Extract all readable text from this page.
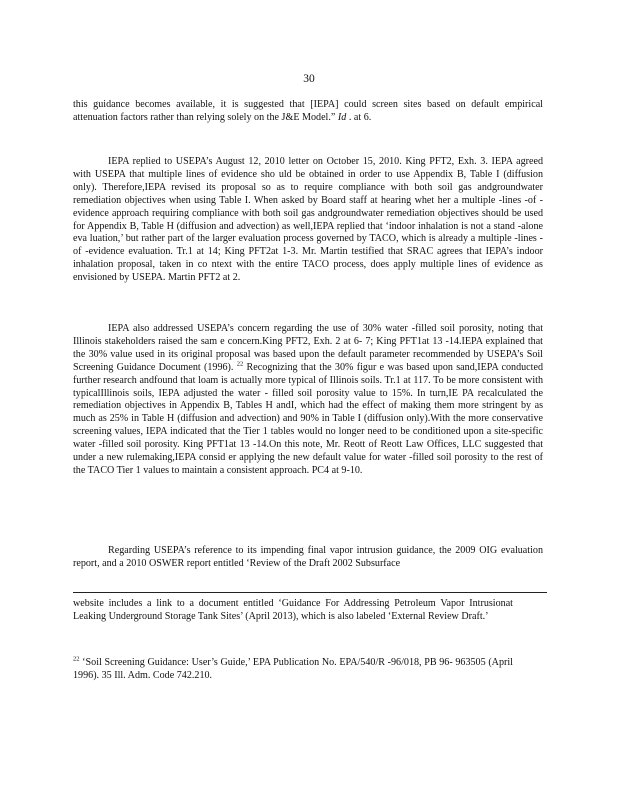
30

this guidance becomes available, it is suggested that [IEPA] could screen sites based on default empirical attenuation factors rather than relying solely on the J&E Model.” Id . at 6.

IEPA replied to USEPA’s August 12, 2010 letter on October 15, 2010. King PFT2, Exh. 3. IEPA agreed with USEPA that multiple lines of evidence sho uld be obtained in order to use Appendix B, Table I (diffusion only). Therefore,IEPA revised its proposal so as to require compliance with both soil gas andgroundwater remediation objectives when using Table I. When asked by Board staff at hearing whet her a multiple -lines -of -evidence approach requiring compliance with both soil gas andgroundwater remediation objectives should be used for Appendix B, Table H (diffusion and advection) as well,IEPA replied that ‘indoor inhalation is not a stand -alone eva luation,’ but rather part of the larger evaluation process governed by TACO, which is already a multiple -lines -of -evidence evaluation. Tr.1 at 14; King PFT2at 1-3. Mr. Martin testified that SRAC agrees that IEPA’s indoor inhalation proposal, taken in co ntext with the entire TACO process, does apply multiple lines of evidence as envisioned by USEPA. Martin PFT2 at 2.

IEPA also addressed USEPA’s concern regarding the use of 30% water -filled soil porosity, noting that Illinois stakeholders raised the sam e concern.King PFT2, Exh. 2 at 6- 7; King PFT1at 13 -14.IEPA explained that the 30% value used in its original proposal was based upon the default parameter recommended by USEPA’s Soil Screening Guidance Document (1996). $^{22}$ Recognizing that the 30% figur e was based upon sand,IEPA conducted further research andfound that loam is actually more typical of Illinois soils. Tr.1 at 117. To be more consistent with typicalIllinois soils, IEPA adjusted the water - filled soil porosity value to 15%. In turn,IE PA recalculated the remediation objectives in Appendix B, Tables H andI, which had the effect of making them more stringent by as much as 25% in Table H (diffusion and advection) and 90% in Table I (diffusion only).With the more conservative screening values, IEPA indicated that the Tier 1 tables would no longer need to be conditioned upon a site-specific water -filled soil porosity. King PFT1at 13 -14.On this note, Mr. Reott of Reott Law Offices, LLC suggested that under a new rulemaking,IEPA consid er applying the new default value for water -filled soil porosity to the rest of the TACO Tier 1 values to maintain a consistent approach. PC4 at 9-10.

Regarding USEPA’s reference to its impending final vapor intrusion guidance, the 2009 OIG evaluation report, and a 2010 OSWER report entitled ‘Review of the Draft 2002 Subsurface

website includes a link to a document entitled ‘Guidance For Addressing Petroleum Vapor Intrusionat Leaking Underground Storage Tank Sites’ (April 2013), which is also labeled ‘External Review Draft.’

$^{22}$ ‘Soil Screening Guidance: User’s Guide,’ EPA Publication No. EPA/540/R -96/018, PB 96- 963505 (April 1996). 35 Ill. Adm. Code 742.210.
